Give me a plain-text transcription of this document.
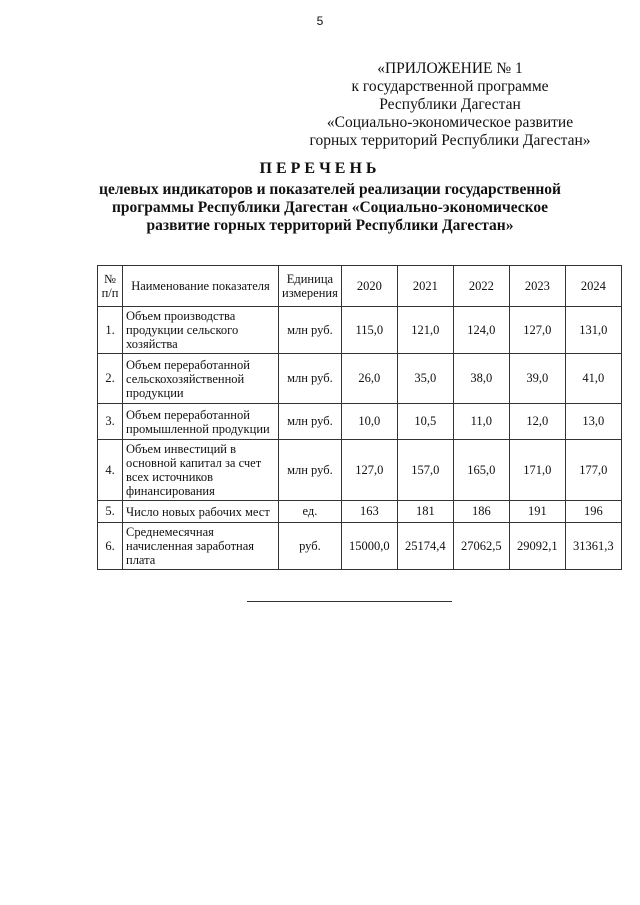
5
«ПРИЛОЖЕНИЕ № 1
к государственной программе
Республики Дагестан
«Социально-экономическое развитие
горных территорий Республики Дагестан»
ПЕРЕЧЕНЬ
целевых индикаторов и показателей реализации государственной
программы Республики Дагестан «Социально-экономическое
развитие горных территорий Республики Дагестан»
№ п/п	Наименование показателя	Единица измерения	2020	2021	2022	2023	2024
1.	Объем производства продукции сельского хозяйства	млн руб.	115,0	121,0	124,0	127,0	131,0
2.	Объем переработанной сельскохозяйственной продукции	млн руб.	26,0	35,0	38,0	39,0	41,0
3.	Объем переработанной промышленной продукции	млн руб.	10,0	10,5	11,0	12,0	13,0
4.	Объем инвестиций в основной капитал за счет всех источников финансирования	млн руб.	127,0	157,0	165,0	171,0	177,0
5.	Число новых рабочих мест	ед.	163	181	186	191	196
6.	Среднемесячная начисленная заработная плата	руб.	15000,0	25174,4	27062,5	29092,1	31361,3
